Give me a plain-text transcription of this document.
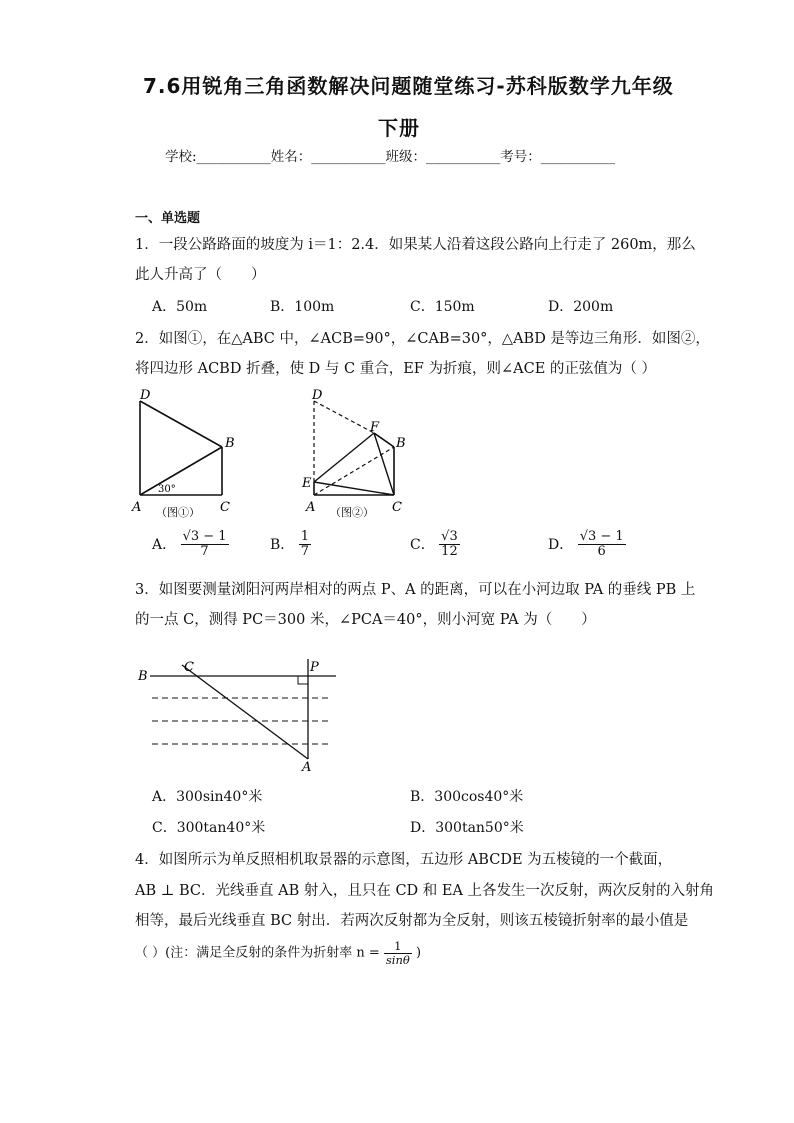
7.6用锐角三角函数解决问题随堂练习-苏科版数学九年级
下册
学校:___________姓名：___________班级：___________考号：___________
一、单选题
1．一段公路路面的坡度为 i＝1：2.4．如果某人沿着这段公路向上行走了 260m，那么
此人升高了（　　）
A．50m	B．100m	C．150m	D．200m
2．如图①，在△ABC 中，∠ACB=90°，∠CAB=30°，△ABD 是等边三角形．如图②，
将四边形 ACBD 折叠，使 D 与 C 重合，EF 为折痕，则∠ACE 的正弦值为（ ）
D
B
A	C
30°
（图①）
D
F
B
E
A	C
（图②）
A． $\frac{√3 - 1}{7}$	B． $\frac{1}{7}$	C． $\frac{√3}{12}$	D． $\frac{√3 - 1}{6}$
3．如图要测量浏阳河两岸相对的两点 P、A 的距离，可以在小河边取 PA 的垂线 PB 上
的一点 C，测得 PC＝300 米，∠PCA＝40°，则小河宽 PA 为（　　）
B
C	P
A
A．300sin40°米	B．300cos40°米
C．300tan40°米	D．300tan50°米
4．如图所示为单反照相机取景器的示意图，五边形 ABCDE 为五棱镜的一个截面，
AB ⊥ BC．光线垂直 AB 射入，且只在 CD 和 EA 上各发生一次反射，两次反射的入射角
相等，最后光线垂直 BC 射出．若两次反射都为全反射，则该五棱镜折射率的最小值是
（ ）(注：满足全反射的条件为折射率 $n = \frac{1}{\sin\theta}$ )
